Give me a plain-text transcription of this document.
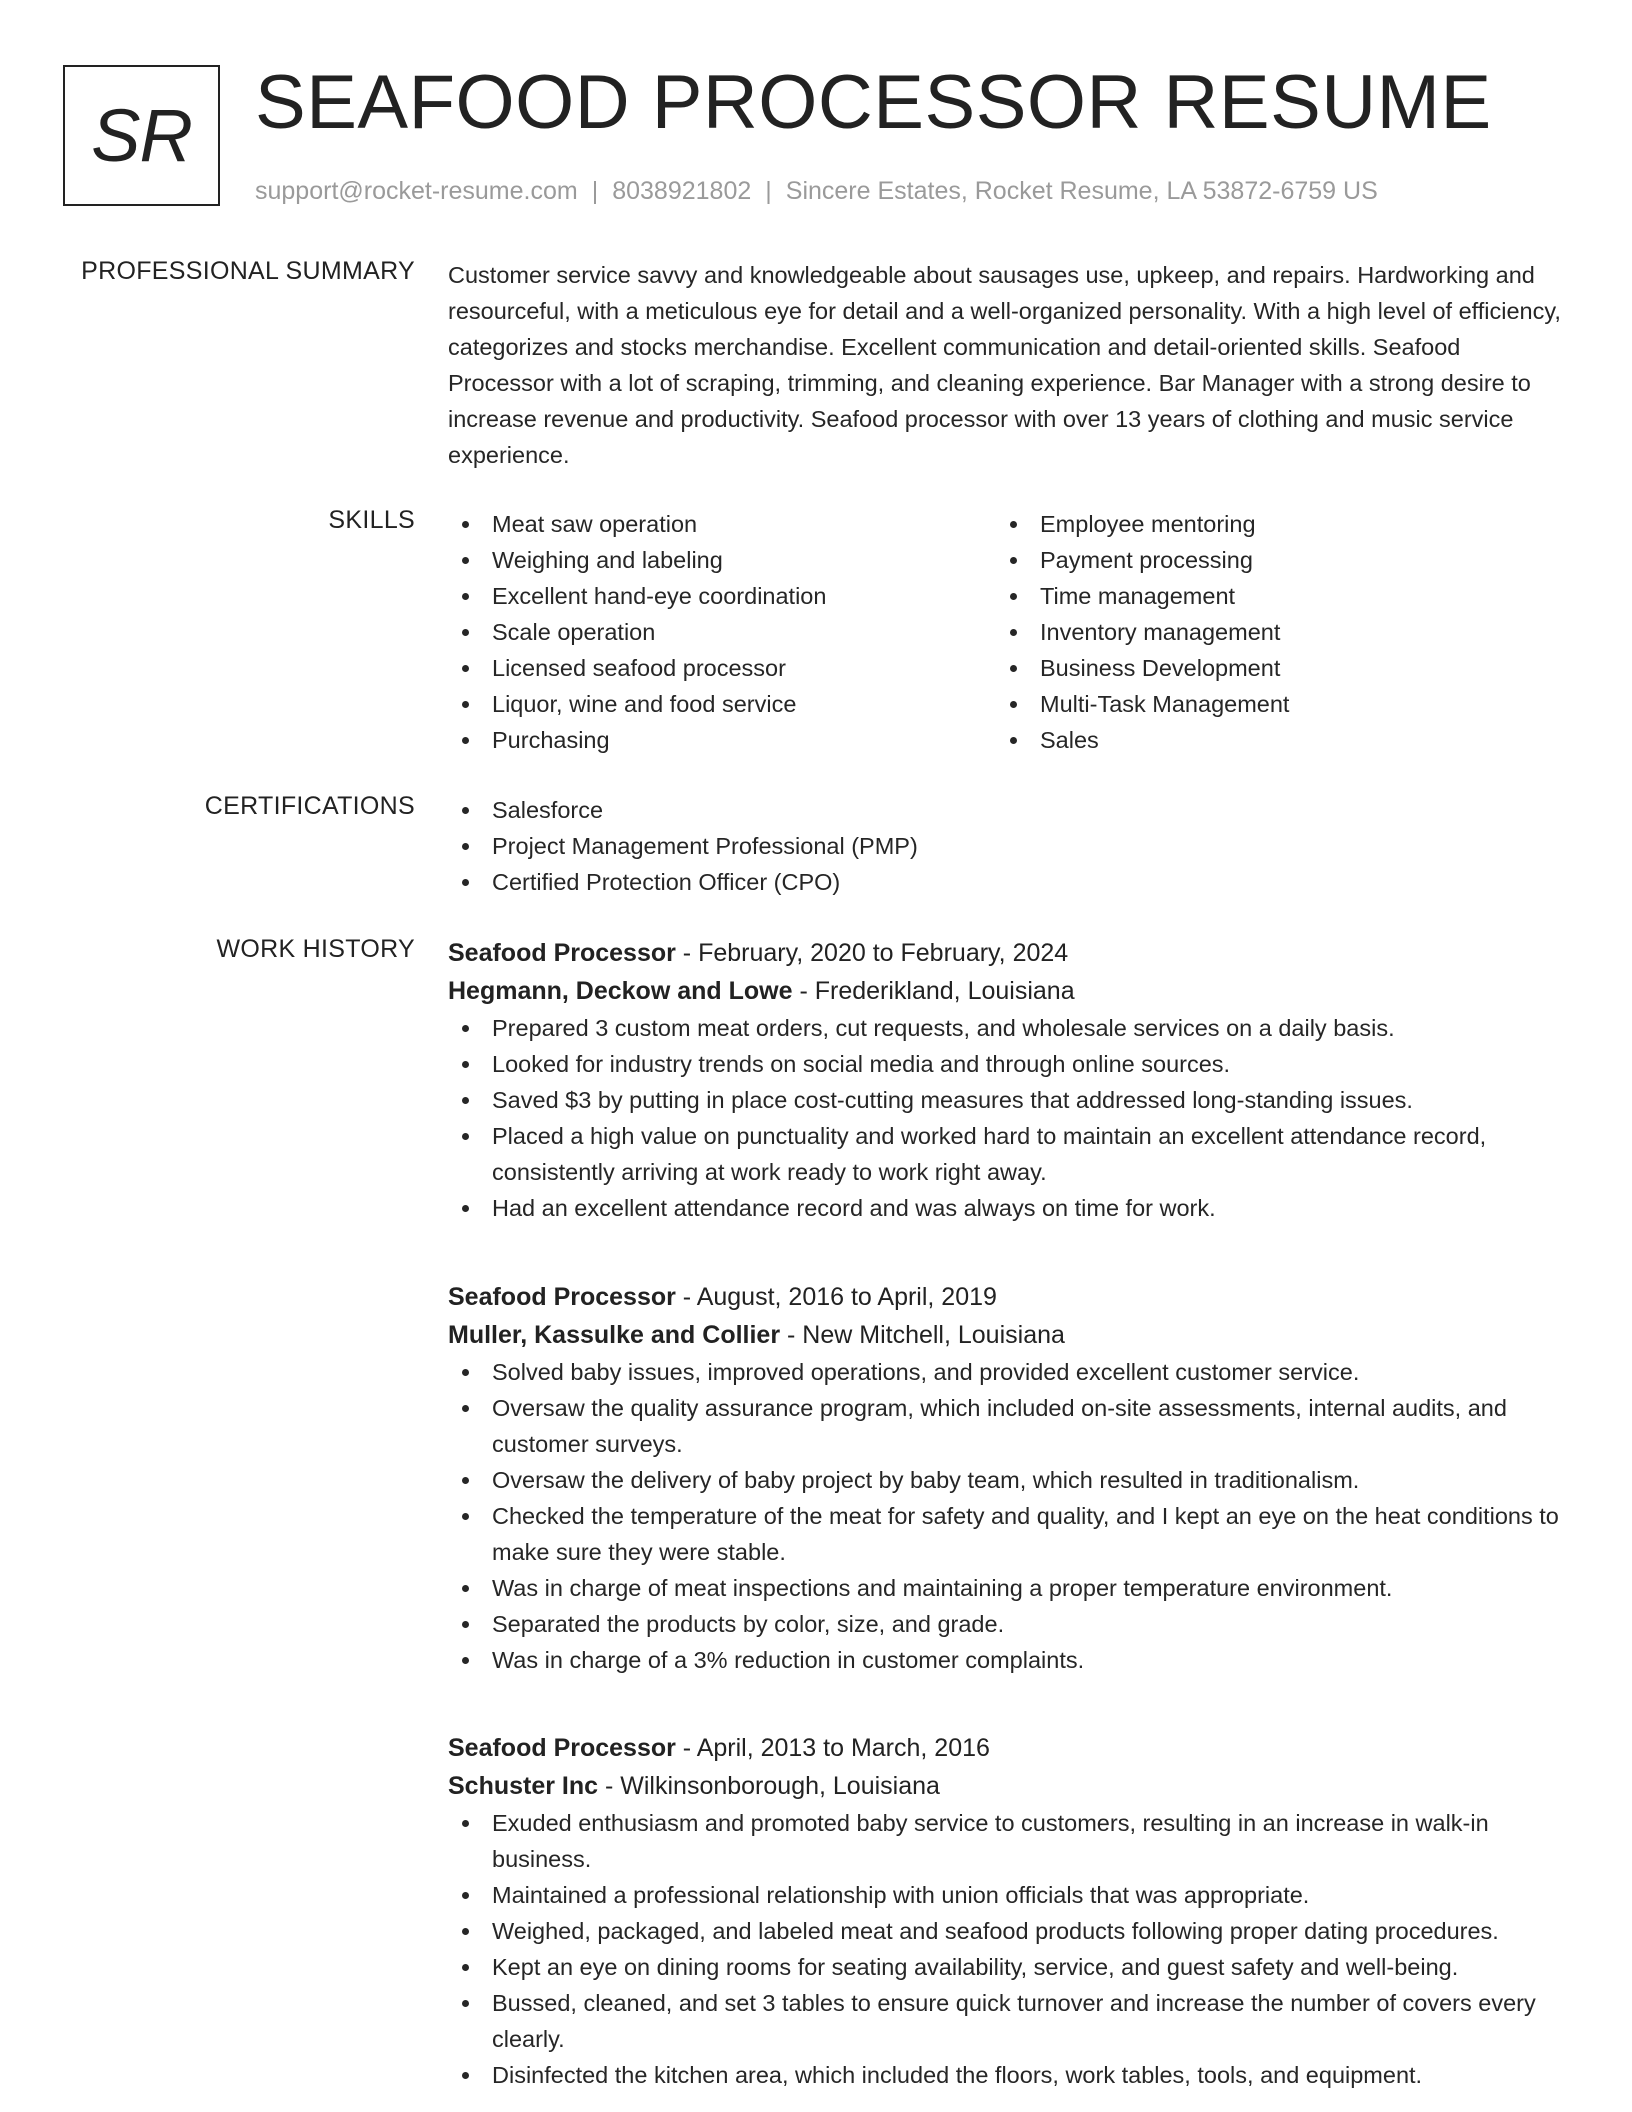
SR SEAFOOD PROCESSOR RESUME
support@rocket-resume.com | 8038921802 | Sincere Estates, Rocket Resume, LA 53872-6759 US
PROFESSIONAL SUMMARY Customer service savvy and knowledgeable about sausages use, upkeep, and repairs. Hardworking and resourceful, with a meticulous eye for detail and a well-organized personality. With a high level of efficiency, categorizes and stocks merchandise. Excellent communication and detail-oriented skills. Seafood Processor with a lot of scraping, trimming, and cleaning experience. Bar Manager with a strong desire to increase revenue and productivity. Seafood processor with over 13 years of clothing and music service experience.

SKILLS	Meat saw operation
Weighing and labeling
Excellent hand-eye coordination
Scale operation
Licensed seafood processor
Liquor, wine and food service
Purchasing
Employee mentoring
Payment processing
Time management
Inventory management
Business Development
Multi-Task Management
Sales
CERTIFICATIONS	Salesforce
Project Management Professional (PMP)
Certified Protection Officer (CPO)
WORK HISTORY Seafood Processor - February, 2020 to February, 2024
Hegmann, Deckow and Lowe - Frederikland, Louisiana
Prepared 3 custom meat orders, cut requests, and wholesale services on a daily basis.
Looked for industry trends on social media and through online sources.
Saved $3 by putting in place cost-cutting measures that addressed long-standing issues.
Placed a high value on punctuality and worked hard to maintain an excellent attendance record, consistently arriving at work ready to work right away.
Had an excellent attendance record and was always on time for work.
Seafood Processor - August, 2016 to April, 2019
Muller, Kassulke and Collier - New Mitchell, Louisiana
Solved baby issues, improved operations, and provided excellent customer service.
Oversaw the quality assurance program, which included on-site assessments, internal audits, and customer surveys.
Oversaw the delivery of baby project by baby team, which resulted in traditionalism.
Checked the temperature of the meat for safety and quality, and I kept an eye on the heat conditions to make sure they were stable.
Was in charge of meat inspections and maintaining a proper temperature environment.
Separated the products by color, size, and grade.
Was in charge of a 3% reduction in customer complaints.
Seafood Processor - April, 2013 to March, 2016
Schuster Inc - Wilkinsonborough, Louisiana
Exuded enthusiasm and promoted baby service to customers, resulting in an increase in walk-in business.
Maintained a professional relationship with union officials that was appropriate.
Weighed, packaged, and labeled meat and seafood products following proper dating procedures.
Kept an eye on dining rooms for seating availability, service, and guest safety and well-being.
Bussed, cleaned, and set 3 tables to ensure quick turnover and increase the number of covers every clearly.
Disinfected the kitchen area, which included the floors, work tables, tools, and equipment.
